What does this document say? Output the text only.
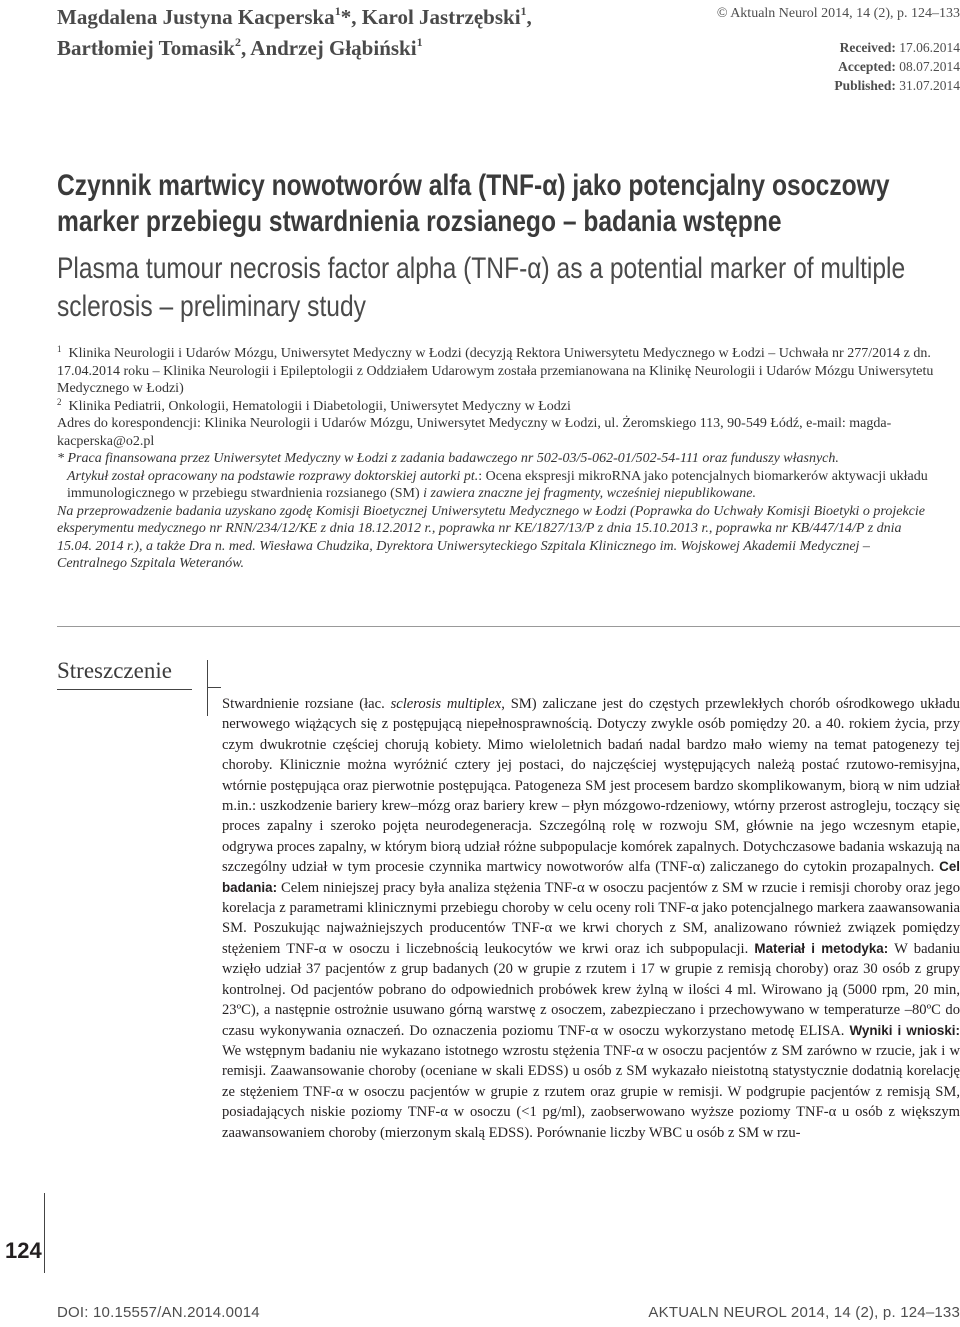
Magdalena Justyna Kacperska$^1$*, Karol Jastrzębski$^1$,
Bartłomiej Tomasik$^2$, Andrzej Głąbiński$^1$
© Aktualn Neurol 2014, 14 (2), p. 124–133
Received: 17.06.2014
Accepted: 08.07.2014
Published: 31.07.2014
Czynnik martwicy nowotworów alfa (TNF-α) jako potencjalny osoczowy marker przebiegu stwardnienia rozsianego – badania wstępne
Plasma tumour necrosis factor alpha (TNF-α) as a potential marker of multiple sclerosis – preliminary study
$^1$ Klinika Neurologii i Udarów Mózgu, Uniwersytet Medyczny w Łodzi (decyzją Rektora Uniwersytetu Medycznego w Łodzi – Uchwała nr 277/2014 z dn. 17.04.2014 roku – Klinika Neurologii i Epileptologii z Oddziałem Udarowym została przemianowana na Klinikę Neurologii i Udarów Mózgu Uniwersytetu Medycznego w Łodzi)
$^2$ Klinika Pediatrii, Onkologii, Hematologii i Diabetologii, Uniwersytet Medyczny w Łodzi
Adres do korespondencji: Klinika Neurologii i Udarów Mózgu, Uniwersytet Medyczny w Łodzi, ul. Żeromskiego 113, 90-549 Łódź, e-mail: magda-kacperska@o2.pl
* Praca finansowana przez Uniwersytet Medyczny w Łodzi z zadania badawczego nr 502-03/5-062-01/502-54-111 oraz funduszy własnych.
Artykuł został opracowany na podstawie rozprawy doktorskiej autorki pt.: Ocena ekspresji mikroRNA jako potencjalnych biomarkerów aktywacji układu immunologicznego w przebiegu stwardnienia rozsianego (SM) i zawiera znaczne jej fragmenty, wcześniej niepublikowane.
Na przeprowadzenie badania uzyskano zgodę Komisji Bioetycznej Uniwersytetu Medycznego w Łodzi (Poprawka do Uchwały Komisji Bioetyki o projekcie eksperymentu medycznego nr RNN/234/12/KE z dnia 18.12.2012 r., poprawka nr KE/1827/13/P z dnia 15.10.2013 r., poprawka nr KB/447/14/P z dnia 15.04. 2014 r.), a także Dra n. med. Wiesława Chudzika, Dyrektora Uniwersyteckiego Szpitala Klinicznego im. Wojskowej Akademii Medycznej – Centralnego Szpitala Weteranów.
Streszczenie
Stwardnienie rozsiane (łac. sclerosis multiplex, SM) zaliczane jest do częstych przewlekłych chorób ośrodkowego układu nerwowego wiążących się z postępującą niepełnosprawnością. Dotyczy zwykle osób pomiędzy 20. a 40. rokiem życia, przy czym dwukrotnie częściej chorują kobiety. Mimo wieloletnich badań nadal bardzo mało wiemy na temat patogenezy tej choroby. Klinicznie można wyróżnić cztery jej postaci, do najczęściej występujących należą postać rzutowo-remisyjna, wtórnie postępująca oraz pierwotnie postępująca. Patogeneza SM jest procesem bardzo skomplikowanym, biorą w nim udział m.in.: uszkodzenie bariery krew–mózg oraz bariery krew – płyn mózgowo-rdzeniowy, wtórny przerost astrogleju, toczący się proces zapalny i szeroko pojęta neurodegeneracja. Szczególną rolę w rozwoju SM, głównie na jego wczesnym etapie, odgrywa proces zapalny, w którym biorą udział różne subpopulacje komórek zapalnych. Dotychczasowe badania wskazują na szczególny udział w tym procesie czynnika martwicy nowotworów alfa (TNF-α) zaliczanego do cytokin prozapalnych. Cel badania: Celem niniejszej pracy była analiza stężenia TNF-α w osoczu pacjentów z SM w rzucie i remisji choroby oraz jego korelacja z parametrami klinicznymi przebiegu choroby w celu oceny roli TNF-α jako potencjalnego markera zaawansowania SM. Poszukując najważniejszych producentów TNF-α we krwi chorych z SM, analizowano również związek pomiędzy stężeniem TNF-α w osoczu i liczebnością leukocytów we krwi oraz ich subpopulacji. Materiał i metodyka: W badaniu wzięło udział 37 pacjentów z grup badanych (20 w grupie z rzutem i 17 w grupie z remisją choroby) oraz 30 osób z grupy kontrolnej. Od pacjentów pobrano do odpowiednich probówek krew żylną w ilości 4 ml. Wirowano ją (5000 rpm, 20 min, 23ºC), a następnie ostrożnie usuwano górną warstwę z osoczem, zabezpieczano i przechowywano w temperaturze –80ºC do czasu wykonywania oznaczeń. Do oznaczenia poziomu TNF-α w osoczu wykorzystano metodę ELISA. Wyniki i wnioski: We wstępnym badaniu nie wykazano istotnego wzrostu stężenia TNF-α w osoczu pacjentów z SM zarówno w rzucie, jak i w remisji. Zaawansowanie choroby (oceniane w skali EDSS) u osób z SM wykazało nieistotną statystycznie dodatnią korelację ze stężeniem TNF-α w osoczu pacjentów w grupie z rzutem oraz grupie w remisji. W podgrupie pacjentów z remisją SM, posiadających niskie poziomy TNF-α w osoczu (<1 pg/ml), zaobserwowano wyższe poziomy TNF-α u osób z większym zaawansowaniem choroby (mierzonym skalą EDSS). Porównanie liczby WBC u osób z SM w rzu-
124
DOI: 10.15557/AN.2014.0014	AKTUALN NEUROL 2014, 14 (2), p. 124–133
